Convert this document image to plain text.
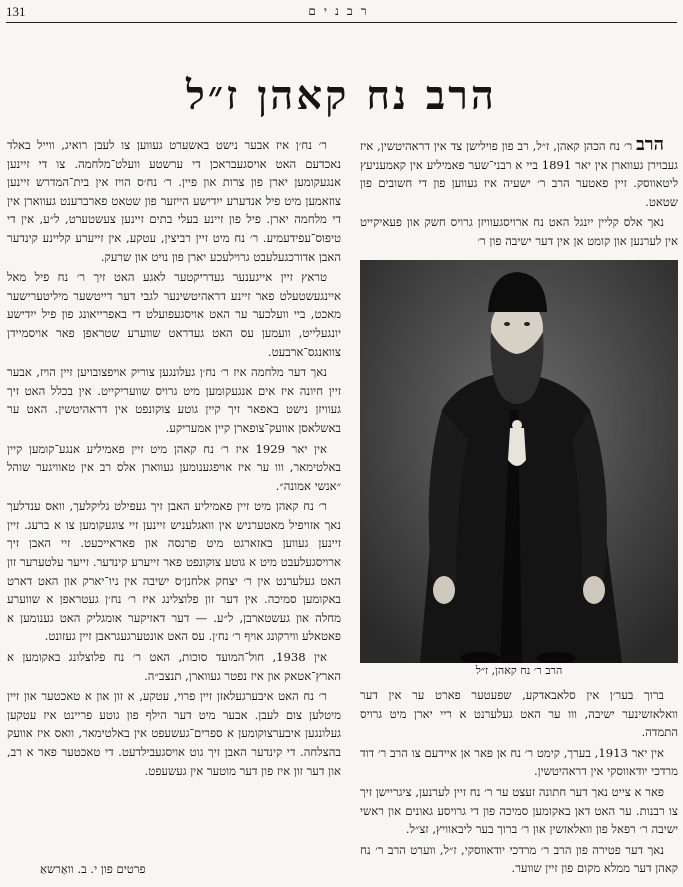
131	רבנים
הרב נח קאהן ז״ל

הרב ר׳ נח הכהן קאהן, ז״ל, רב פון פוילישן צד אין דראהיטשין, איז געבוירן געווארן אין יאר 1891 ביי א רבני־שער פאמיליע אין קאמעניעץ ליטאווסק. זיין פאטער הרב ר׳ ישעיה איז געווען פון די חשובים פון שטאט.

נאך אלס קליין ייִנגל האט נח ארויסגעוויזן גרויס חשק און פעאיקייט אין לערנען און קומט אן אין דער ישיבה פון ר׳

הרב ר׳ נח קאהן, ז״ל

ברוך בער׳ן אין סלאבאדקע, שפעטער פארט ער אין דער וואלאזשינער ישיבה, ווו ער האט געלערנט א ריי יארן מיט גרויס התמדה.

אין יאר 1913, בערך, קימט ר׳ נח אן פאר אן איידעם צו הרב ר׳ דוד מרדכי יודאווסקי אין דראהיטשין.

פאר א צייט נאך דער חתונה זעצט ער ר׳ נח זיין לערנען, ציגריישן זיך צו רבנות. ער האט דאן באקומען סמיכה פון די גרויסע גאונים און ראשי ישיבה ר׳ רפאל פון וואלאזשין און ר׳ ברוך בער ליבאוויץ, זצ״ל.

נאך דער פטירה פון הרב ר׳ מרדכי יודאווסקי, ז״ל, ווערט הרב ר׳ נח קאהן דער ממלא מקום פון זיין שווער.

ר׳ נח׳ן איז אבער נישט באשערט געווען צו לעבן רואיג, ווייל באלד נאכדעם האט אויסגעבראכן די ערשטע וועלט־מלחמה. צו די זיינען אנגעקומען יארן פון צרות און פיין. ר׳ נח׳ס הויז אין בית־המדרש זיינען צוזאמען מיט פיל אנדערע ייִדישע הייזער פון שטאט פארברענט געווארן אין די מלחמה יארן. פיל פון זיינע בעלי בתים זיינען צעשטערט, ל״ע, אין די טיפוס־עפידעמיע. ר׳ נח מיט זיין רביצין, עטקע, אין זייערע קליינע קינדער האבן אדורכגעלעבט גרוילעכע יארן פון נויט און שרעק.

טראץ זיין אייגענער געדריקטער לאגע האט זיך ר׳ נח פיל מאל איינגעשטעלט פאר זיינע דראהיטשינער לגבי דער דייטשער מיליטערישער מאכט, ביי וועלכער ער האט אויסגעפועלט די באפרייאונג פון פיל ייִדישע יונגעלייט, וועמען עס האט געדראט שווערע שטראפן פאר אויסמיידן צוואנגס־ארבעט.

נאך דער מלחמה איז ר׳ נח׳ן געלונגען צוריק אויפצובויען זיין הויז, אבער זיין חיונה איז אים אנגעקומען מיט גרויס שוועריקייט. אין בכלל האט זיך געוויזן נישט באפאר זיך קיין גוטע צוקונפט אין דראהיטשין. האט ער באשלאסן אוועק־צופארן קיין אמעריקע.

אין יאר 1929 איז ר׳ נח קאהן מיט זיין פאמיליע אנגע־קומען קיין באלטימאר, ווו ער איז אויפגענומען געווארן אלס רב אין טאוויגער שוהל ״אנשי אמונה״.

ר׳ נח קאהן מיט זיין פאמיליע האבן זיך געפילט גליקלעך, וואס ענדלעך נאך אזויפיל מאטערניש אין וואגלעניש זיינען זיי צוגעקומען צו א ברעג. זיין זיינען געווען באזארגט מיט פרנסה און פאראייכעט. זיי האבן זיך ארויסגעלעבט מיט א גוטע צוקונפט פאר זייערע קינדער. זייער עלטערער זון האט געלערנט אין ר׳ יצחק אלחנן׳ס ישיבה אין ניו־יארק און האט דארט באקומען סמיכה. אין דער זון פלוצלינג איז ר׳ נח׳ן געטראפן א שווערע מחלה און געשטארבן, ל״ע. — דער דאזיקער אומגליק האט גענומען א פאטאלע ווירקונג אויף ר׳ נח׳ן. עס האט אונטערגעגראבן זיין געזונט.

אין 1938, חול־המועד סוכות, האט ר׳ נח פלוצלונג באקומען א הארץ־אטאק און איז נפטר געווארן, תנצב״ה.

ר׳ נח האט איבערגעלאזן זיין פרוי, עטקע, א זון און א טאכטער און זיין מיטלען צום לעבן. אבער מיט דער הילף פון גוטע פריינט איז עטקען געלונגען איבערצוקומען א ספרים־געשעפט אין באלטימאר, וואס איז אוועק בהצלחה. די קינדער האבן זיך גוט אויסגעבילדעט. די טאכטער פאר א רב, און דער זון איז פון דער מוטער אין געשעפט.

פרטים פון י. ב. וואַרשאַ
